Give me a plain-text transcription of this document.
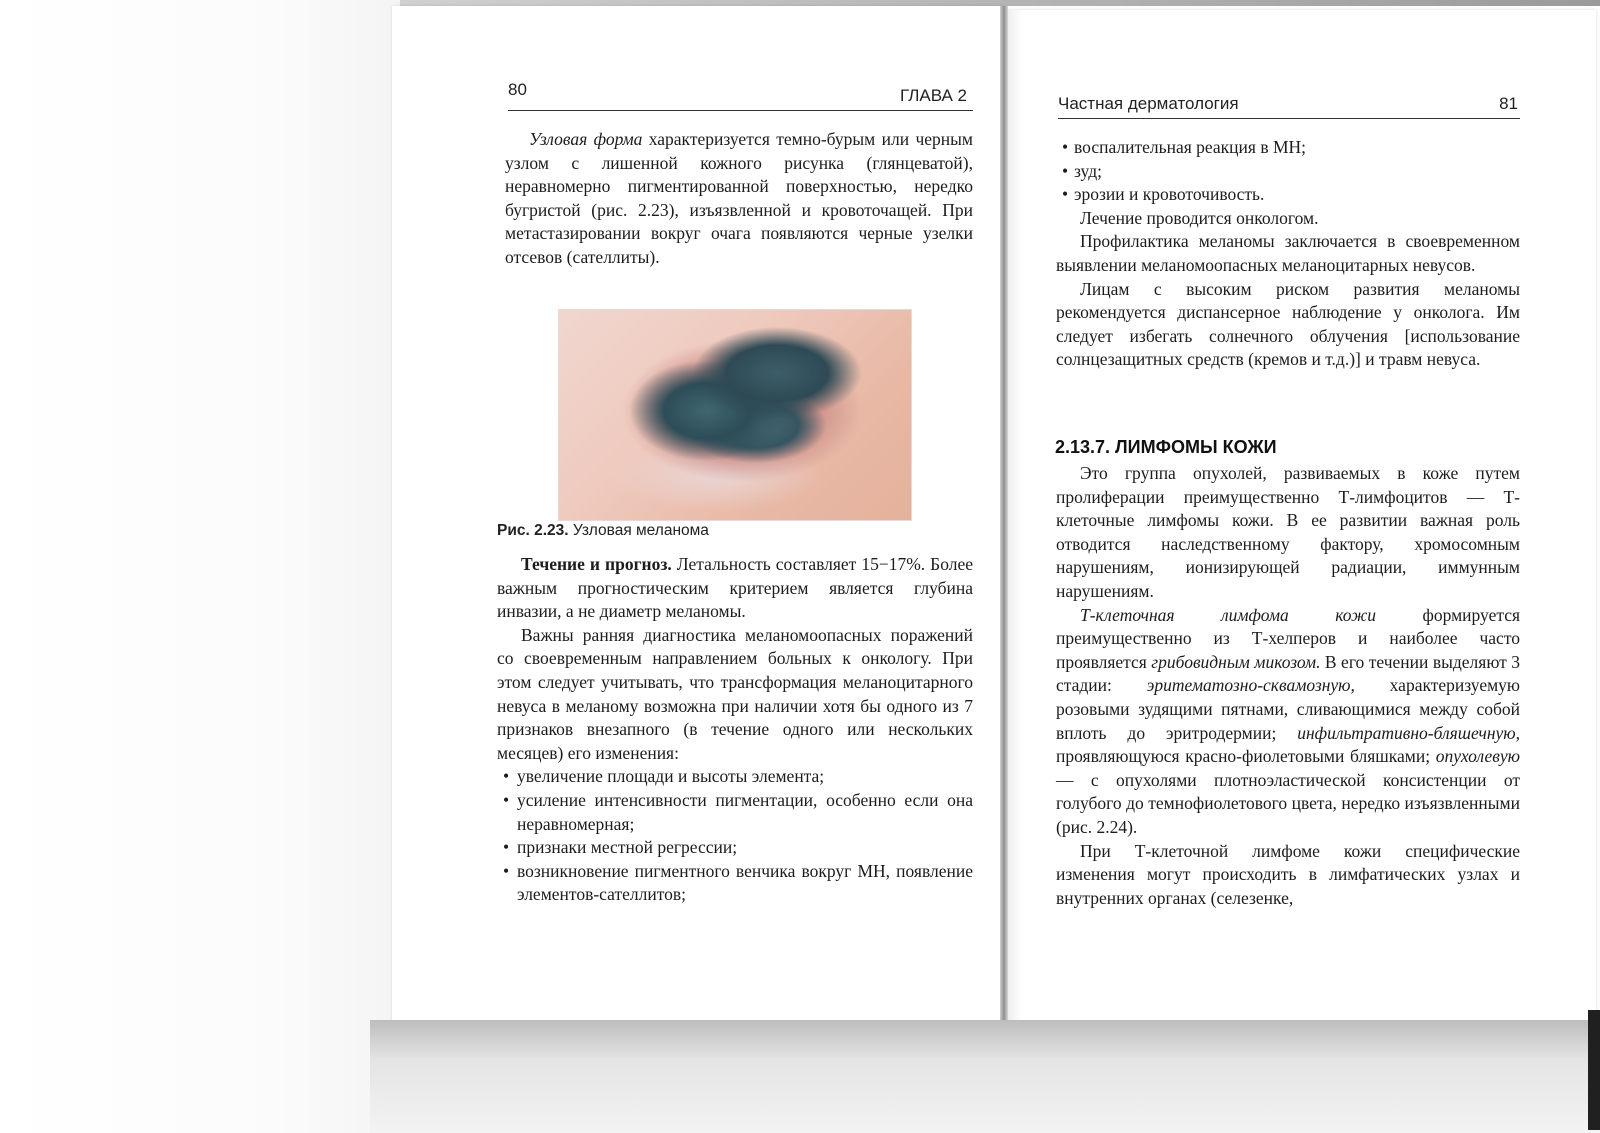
80	ГЛАВА 2

Узловая форма характеризуется темно-бурым или черным узлом с лишенной кожного рисунка (глянцеватой), неравномерно пигментированной поверхностью, нередко бугристой (рис. 2.23), изъязвленной и кровоточащей. При метастазировании вокруг очага появляются черные узелки отсевов (сателлиты).

Рис. 2.23. Узловая меланома

Течение и прогноз. Летальность составляет 15−17%. Более важным прогностическим критерием является глубина инвазии, а не диаметр меланомы.

Важны ранняя диагностика меланомоопасных поражений со своевременным направлением больных к онкологу. При этом следует учитывать, что трансформация меланоцитарного невуса в меланому возможна при наличии хотя бы одного из 7 признаков внезапного (в течение одного или нескольких месяцев) его изменения:

• увеличение площади и высоты элемента;
• усиление интенсивности пигментации, особенно если она неравномерная;
• признаки местной регрессии;
• возникновение пигментного венчика вокруг МН, появление элементов-сателлитов;
Частная дерматология	81
• воспалительная реакция в МН;
• зуд;
• эрозии и кровоточивость.

Лечение проводится онкологом.

Профилактика меланомы заключается в своевременном выявлении меланомоопасных меланоцитарных невусов.

Лицам с высоким риском развития меланомы рекомендуется диспансерное наблюдение у онколога. Им следует избегать солнечного облучения [использование солнцезащитных средств (кремов и т.д.)] и травм невуса.

2.13.7. ЛИМФОМЫ КОЖИ

Это группа опухолей, развиваемых в коже путем пролиферации преимущественно Т-лимфоцитов — Т-клеточные лимфомы кожи. В ее развитии важная роль отводится наследственному фактору, хромосомным нарушениям, ионизирующей радиации, иммунным нарушениям.

Т-клеточная лимфома кожи формируется преимущественно из Т-хелперов и наиболее часто проявляется грибовидным микозом. В его течении выделяют 3 стадии: эритематозно-сквамозную, характеризуемую розовыми зудящими пятнами, сливающимися между собой вплоть до эритродермии; инфильтративно-бляшечную, проявляющуюся красно-фиолетовыми бляшками; опухолевую — с опухолями плотноэластической консистенции от голубого до темнофиолетового цвета, нередко изъязвленными (рис. 2.24).

При Т-клеточной лимфоме кожи специфические изменения могут происходить в лимфатических узлах и внутренних органах (селезенке,
